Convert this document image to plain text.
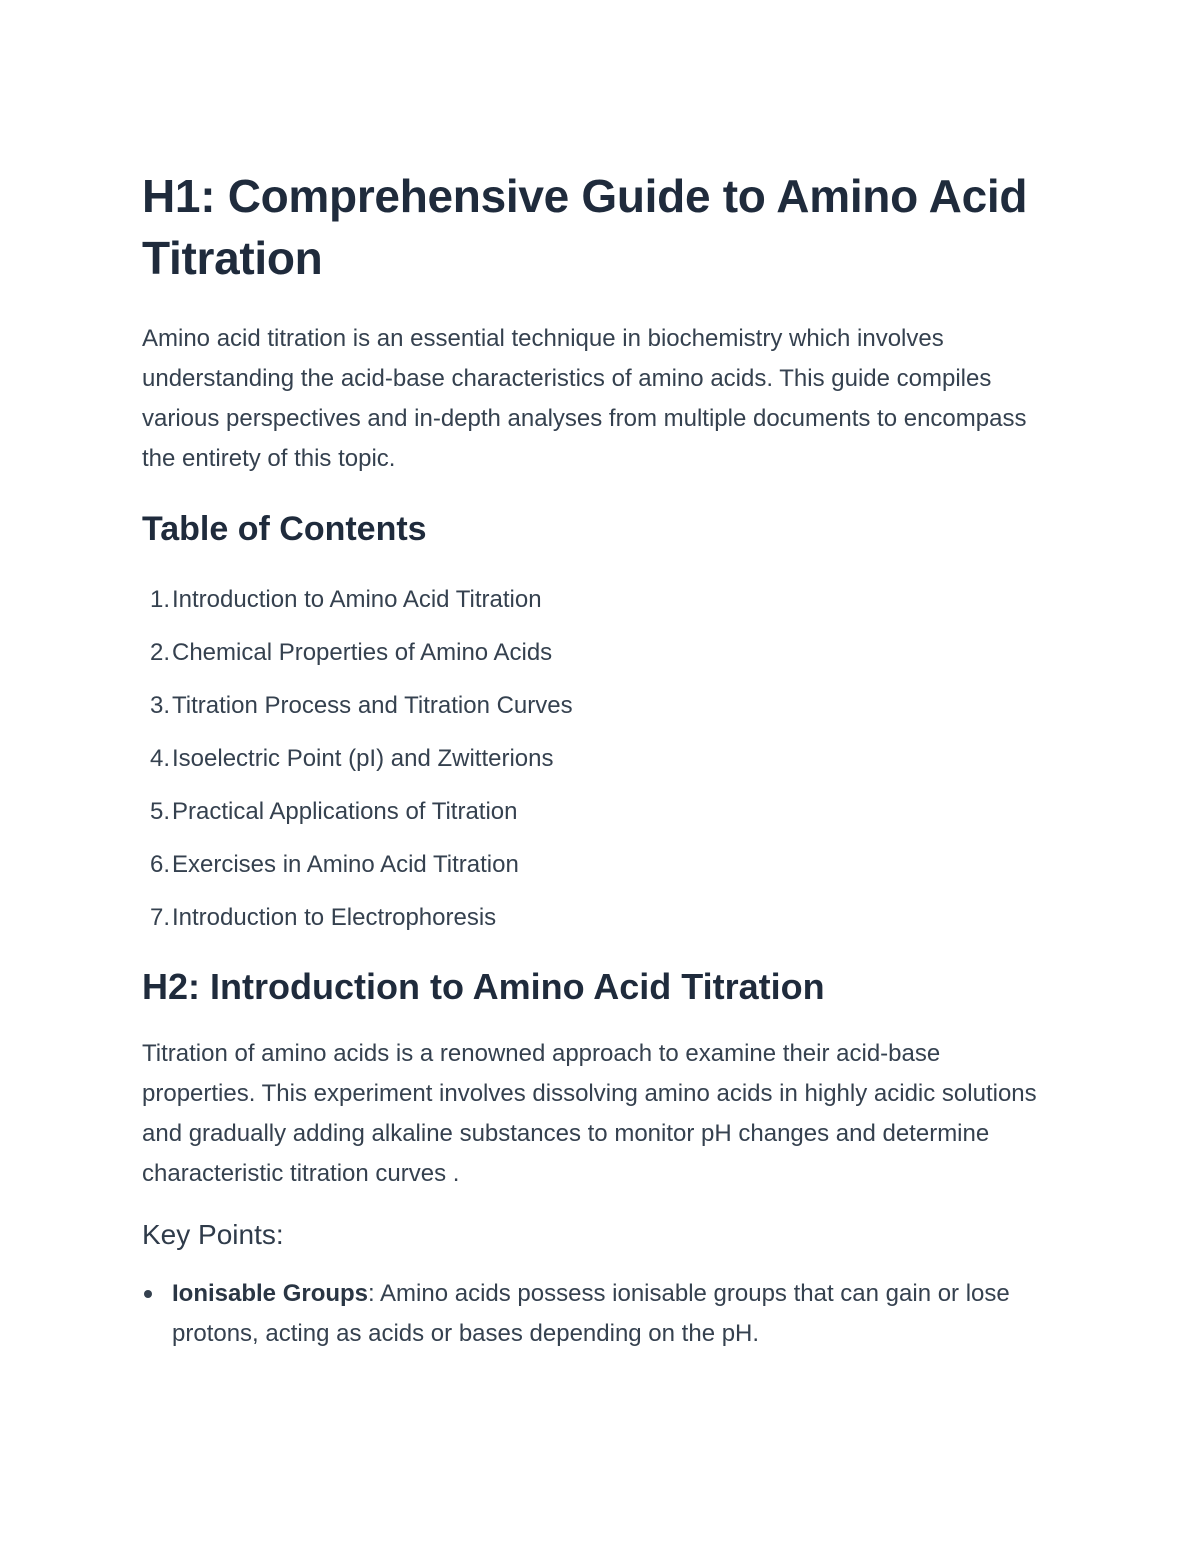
H1: Comprehensive Guide to Amino Acid Titration

Amino acid titration is an essential technique in biochemistry which involves understanding the acid-base characteristics of amino acids. This guide compiles various perspectives and in-depth analyses from multiple documents to encompass the entirety of this topic.

Table of Contents
1. Introduction to Amino Acid Titration
2. Chemical Properties of Amino Acids
3. Titration Process and Titration Curves
4. Isoelectric Point (pI) and Zwitterions
5. Practical Applications of Titration
6. Exercises in Amino Acid Titration
7. Introduction to Electrophoresis
H2: Introduction to Amino Acid Titration

Titration of amino acids is a renowned approach to examine their acid-base properties. This experiment involves dissolving amino acids in highly acidic solutions and gradually adding alkaline substances to monitor pH changes and determine characteristic titration curves .

Key Points:
Ionisable Groups: Amino acids possess ionisable groups that can gain or lose protons, acting as acids or bases depending on the pH.
